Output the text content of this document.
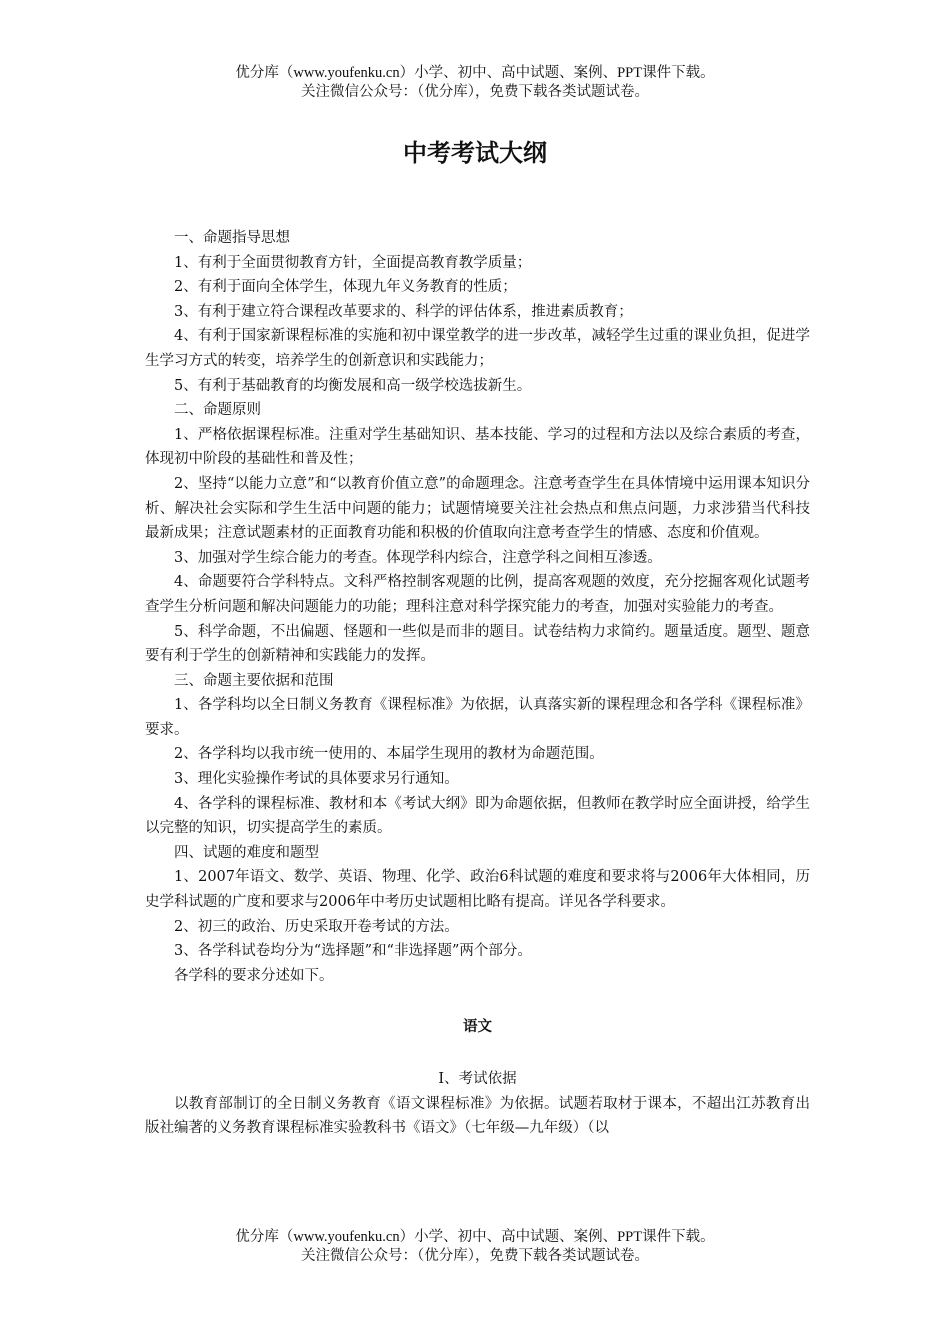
优分库（www.youfenku.cn）小学、初中、高中试题、案例、PPT课件下载。
关注微信公众号：（优分库），免费下载各类试题试卷。
中考考试大纲

一、命题指导思想

1、有利于全面贯彻教育方针，全面提高教育教学质量；

2、有利于面向全体学生，体现九年义务教育的性质；

3、有利于建立符合课程改革要求的、科学的评估体系，推进素质教育；

4、有利于国家新课程标准的实施和初中课堂教学的进一步改革，减轻学生过重的课业负担，促进学生学习方式的转变，培养学生的创新意识和实践能力；

5、有利于基础教育的均衡发展和高一级学校选拔新生。

二、命题原则

1、严格依据课程标准。注重对学生基础知识、基本技能、学习的过程和方法以及综合素质的考查，体现初中阶段的基础性和普及性；

2、坚持“以能力立意”和“以教育价值立意”的命题理念。注意考查学生在具体情境中运用课本知识分析、解决社会实际和学生生活中问题的能力；试题情境要关注社会热点和焦点问题，力求涉猎当代科技最新成果；注意试题素材的正面教育功能和积极的价值取向注意考查学生的情感、态度和价值观。

3、加强对学生综合能力的考查。体现学科内综合，注意学科之间相互渗透。

4、命题要符合学科特点。文科严格控制客观题的比例，提高客观题的效度，充分挖掘客观化试题考查学生分析问题和解决问题能力的功能；理科注意对科学探究能力的考查，加强对实验能力的考查。

5、科学命题，不出偏题、怪题和一些似是而非的题目。试卷结构力求简约。题量适度。题型、题意要有利于学生的创新精神和实践能力的发挥。

三、命题主要依据和范围

1、各学科均以全日制义务教育《课程标准》为依据，认真落实新的课程理念和各学科《课程标准》要求。

2、各学科均以我市统一使用的、本届学生现用的教材为命题范围。

3、理化实验操作考试的具体要求另行通知。

4、各学科的课程标准、教材和本《考试大纲》即为命题依据，但教师在教学时应全面讲授，给学生以完整的知识，切实提高学生的素质。

四、试题的难度和题型

1、2007年语文、数学、英语、物理、化学、政治6科试题的难度和要求将与2006年大体相同，历史学科试题的广度和要求与2006年中考历史试题相比略有提高。详见各学科要求。

2、初三的政治、历史采取开卷考试的方法。

3、各学科试卷均分为“选择题”和“非选择题”两个部分。

各学科的要求分述如下。

语文

Ⅰ、考试依据

以教育部制订的全日制义务教育《语文课程标准》为依据。试题若取材于课本，不超出江苏教育出版社编著的义务教育课程标准实验教科书《语文》（七年级—九年级）（以

优分库（www.youfenku.cn）小学、初中、高中试题、案例、PPT课件下载。
关注微信公众号：（优分库），免费下载各类试题试卷。
